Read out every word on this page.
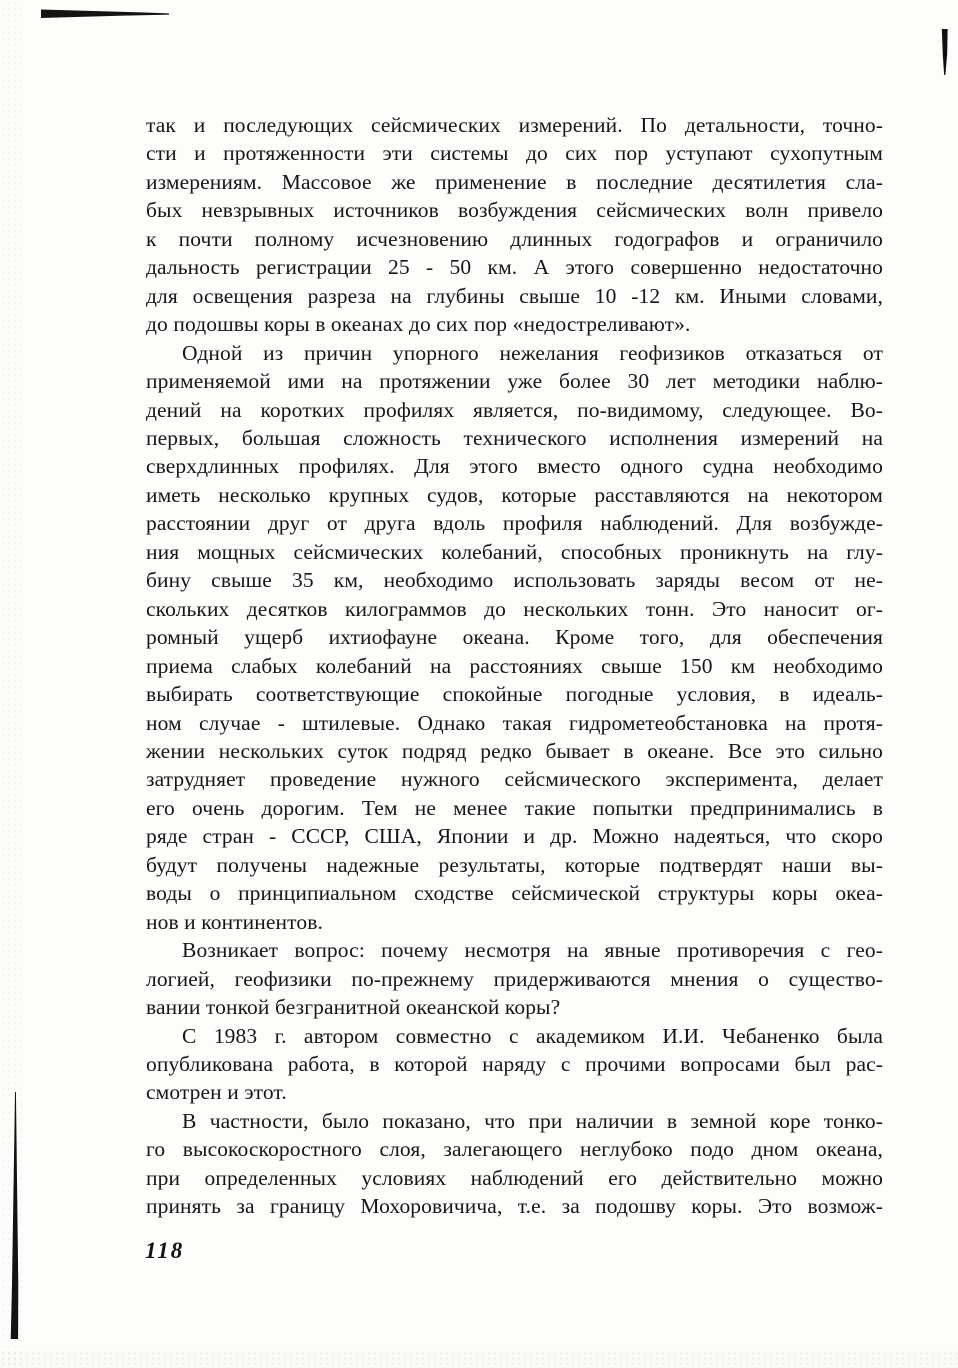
так и последующих сейсмических измерений. По детальности, точно-
сти и протяженности эти системы до сих пор уступают сухопутным
измерениям. Массовое же применение в последние десятилетия сла-
бых невзрывных источников возбуждения сейсмических волн привело
к почти полному исчезновению длинных годографов и ограничило
дальность регистрации 25 - 50 км. А этого совершенно недостаточно
для освещения разреза на глубины свыше 10 -12 км. Иными словами,
до подошвы коры в океанах до сих пор «недостреливают».
Одной из причин упорного нежелания геофизиков отказаться от
применяемой ими на протяжении уже более 30 лет методики наблю-
дений на коротких профилях является, по-видимому, следующее. Во-
первых, большая сложность технического исполнения измерений на
сверхдлинных профилях. Для этого вместо одного судна необходимо
иметь несколько крупных судов, которые расставляются на некотором
расстоянии друг от друга вдоль профиля наблюдений. Для возбужде-
ния мощных сейсмических колебаний, способных проникнуть на глу-
бину свыше 35 км, необходимо использовать заряды весом от не-
скольких десятков килограммов до нескольких тонн. Это наносит ог-
ромный ущерб ихтиофауне океана. Кроме того, для обеспечения
приема слабых колебаний на расстояниях свыше 150 км необходимо
выбирать соответствующие спокойные погодные условия, в идеаль-
ном случае - штилевые. Однако такая гидрометеобстановка на протя-
жении нескольких суток подряд редко бывает в океане. Все это сильно
затрудняет проведение нужного сейсмического эксперимента, делает
его очень дорогим. Тем не менее такие попытки предпринимались в
ряде стран - СССР, США, Японии и др. Можно надеяться, что скоро
будут получены надежные результаты, которые подтвердят наши вы-
воды о принципиальном сходстве сейсмической структуры коры океа-
нов и континентов.
Возникает вопрос: почему несмотря на явные противоречия с гео-
логией, геофизики по-прежнему придерживаются мнения о существо-
вании тонкой безгранитной океанской коры?
С 1983 г. автором совместно с академиком И.И. Чебаненко была
опубликована работа, в которой наряду с прочими вопросами был рас-
смотрен и этот.
В частности, было показано, что при наличии в земной коре тонко-
го высокоскоростного слоя, залегающего неглубоко подо дном океана,
при определенных условиях наблюдений его действительно можно
принять за границу Мохоровичича, т.е. за подошву коры. Это возмож-
118
